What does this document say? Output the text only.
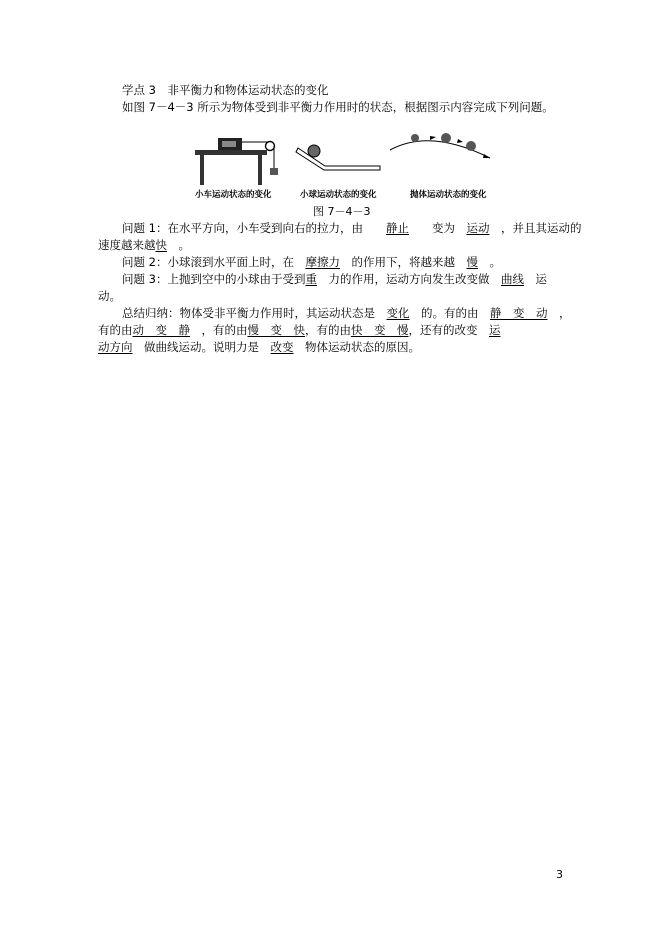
学点 3　非平衡力和物体运动状态的变化
如图 7－4－3 所示为物体受到非平衡力作用时的状态，根据图示内容完成下列问题。
小车运动状态的变化	小球运动状态的变化	抛体运动状态的变化
图 7－4－3
问题 1：在水平方向，小车受到向右的拉力，由　　 静止　　 变为　 运动　 ，并且其运动的
速度越来越快　 。
问题 2：小球滚到水平面上时，在　 摩擦力　 的作用下，将越来越　 慢　 。
问题 3：上抛到空中的小球由于受到重　 力的作用，运动方向发生改变做　 曲线　 运
动。
总结归纳：物体受非平衡力作用时，其运动状态是　 变化　 的。有的由　 静　变　动　 ，
有的由动　变　静　 ，有的由慢　变　快，有的由快　变　慢，还有的改变　 运
动方向　 做曲线运动。说明力是　 改变　 物体运动状态的原因。
3
